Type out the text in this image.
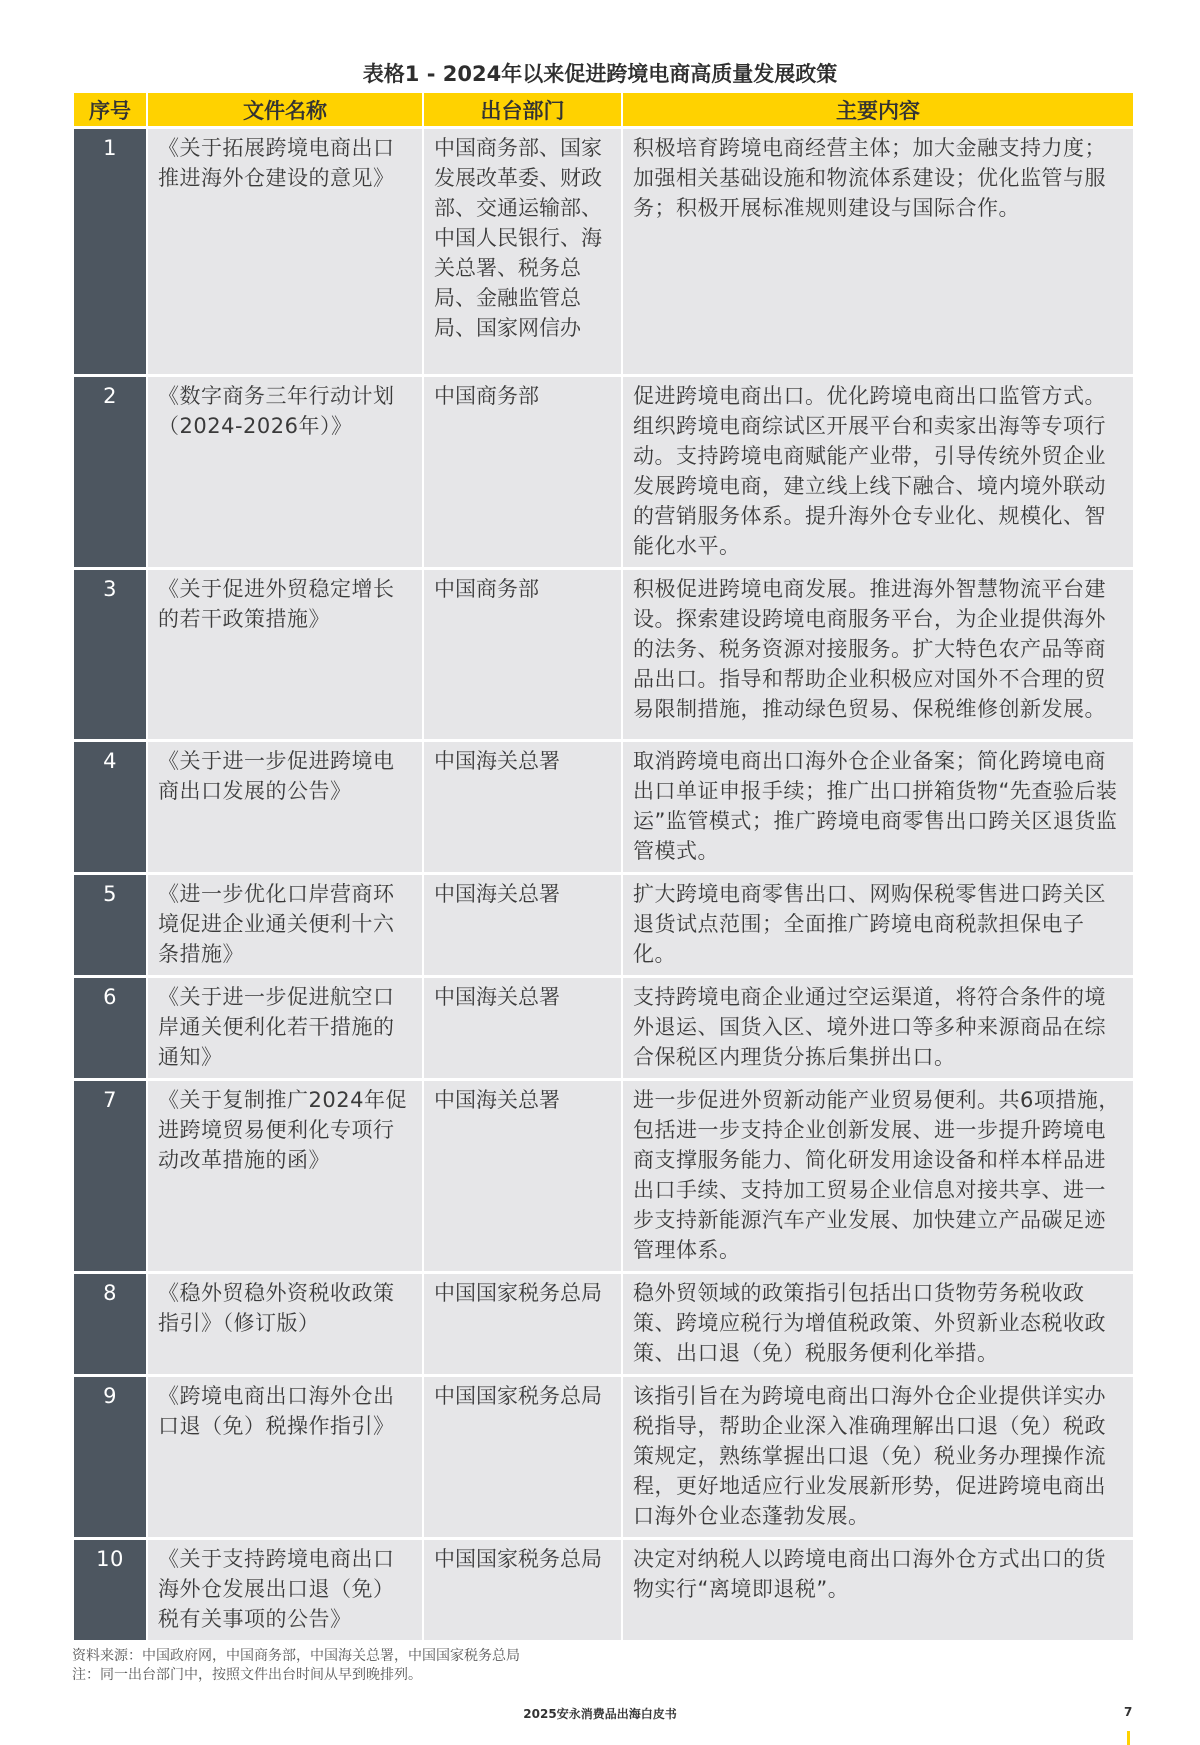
表格1 - 2024年以来促进跨境电商高质量发展政策
序号	文件名称	出台部门	主要内容
1	《关于拓展跨境电商出口推进海外仓建设的意见》	中国商务部、国家发展改革委、财政部、交通运输部、中国人民银行、海关总署、税务总局、金融监管总局、国家网信办	积极培育跨境电商经营主体；加大金融支持力度；加强相关基础设施和物流体系建设；优化监管与服务；积极开展标准规则建设与国际合作。
2	《数字商务三年行动计划（2024-2026年）》	中国商务部	促进跨境电商出口。优化跨境电商出口监管方式。组织跨境电商综试区开展平台和卖家出海等专项行动。支持跨境电商赋能产业带，引导传统外贸企业发展跨境电商，建立线上线下融合、境内境外联动的营销服务体系。提升海外仓专业化、规模化、智能化水平。
3	《关于促进外贸稳定增长的若干政策措施》	中国商务部	积极促进跨境电商发展。推进海外智慧物流平台建设。探索建设跨境电商服务平台，为企业提供海外的法务、税务资源对接服务。扩大特色农产品等商品出口。指导和帮助企业积极应对国外不合理的贸易限制措施，推动绿色贸易、保税维修创新发展。
4	《关于进一步促进跨境电商出口发展的公告》	中国海关总署	取消跨境电商出口海外仓企业备案；简化跨境电商出口单证申报手续；推广出口拼箱货物“先查验后装运”监管模式；推广跨境电商零售出口跨关区退货监管模式。
5	《进一步优化口岸营商环境促进企业通关便利十六条措施》	中国海关总署	扩大跨境电商零售出口、网购保税零售进口跨关区退货试点范围；全面推广跨境电商税款担保电子化。
6	《关于进一步促进航空口岸通关便利化若干措施的通知》	中国海关总署	支持跨境电商企业通过空运渠道，将符合条件的境外退运、国货入区、境外进口等多种来源商品在综合保税区内理货分拣后集拼出口。
7	《关于复制推广2024年促进跨境贸易便利化专项行动改革措施的函》	中国海关总署	进一步促进外贸新动能产业贸易便利。共6项措施，包括进一步支持企业创新发展、进一步提升跨境电商支撑服务能力、简化研发用途设备和样本样品进出口手续、支持加工贸易企业信息对接共享、进一步支持新能源汽车产业发展、加快建立产品碳足迹管理体系。
8	《稳外贸稳外资税收政策指引》（修订版）	中国国家税务总局	稳外贸领域的政策指引包括出口货物劳务税收政策、跨境应税行为增值税政策、外贸新业态税收政策、出口退（免）税服务便利化举措。
9	《跨境电商出口海外仓出口退（免）税操作指引》	中国国家税务总局	该指引旨在为跨境电商出口海外仓企业提供详实办税指导，帮助企业深入准确理解出口退（免）税政策规定，熟练掌握出口退（免）税业务办理操作流程，更好地适应行业发展新形势，促进跨境电商出口海外仓业态蓬勃发展。
10	《关于支持跨境电商出口海外仓发展出口退（免）税有关事项的公告》	中国国家税务总局	决定对纳税人以跨境电商出口海外仓方式出口的货物实行“离境即退税”。
资料来源：中国政府网，中国商务部，中国海关总署，中国国家税务总局
注：同一出台部门中，按照文件出台时间从早到晚排列。
2025安永消费品出海白皮书	7
